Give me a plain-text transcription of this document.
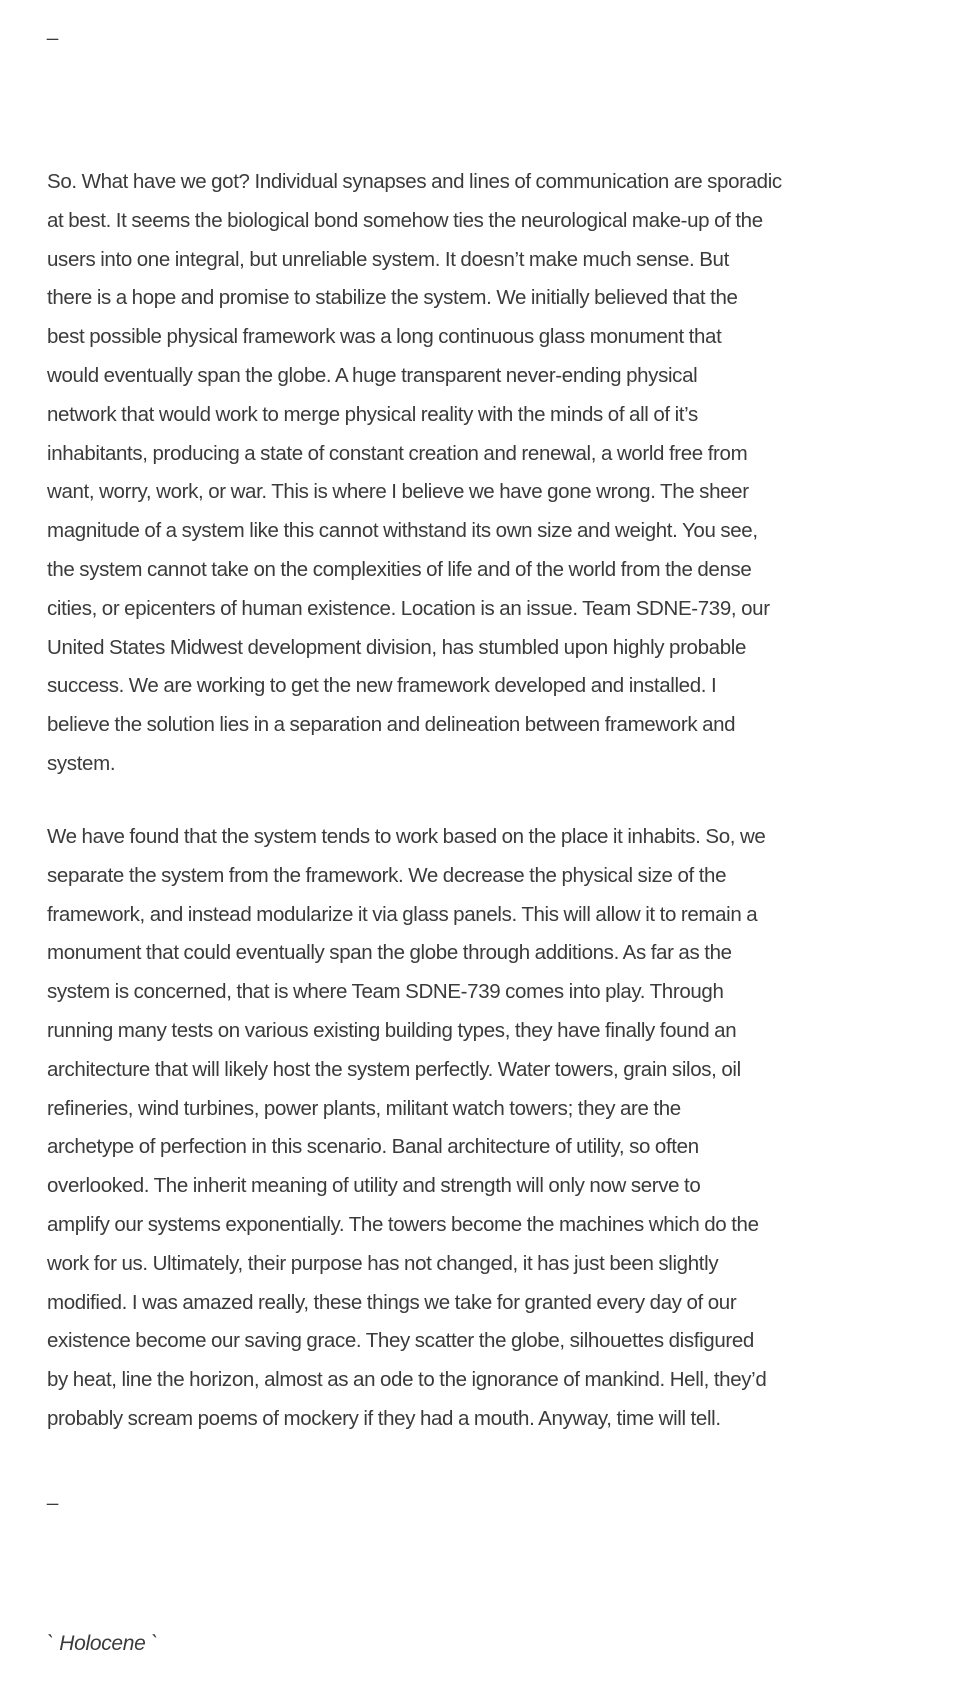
_
So. What have we got? Individual synapses and lines of communication are sporadic
at best. It seems the biological bond somehow ties the neurological make-up of the
users into one integral, but unreliable system. It doesn’t make much sense. But
there is a hope and promise to stabilize the system. We initially believed that the
best possible physical framework was a long continuous glass monument that
would eventually span the globe. A huge transparent never-ending physical
network that would work to merge physical reality with the minds of all of it’s
inhabitants, producing a state of constant creation and renewal, a world free from
want, worry, work, or war. This is where I believe we have gone wrong. The sheer
magnitude of a system like this cannot withstand its own size and weight. You see,
the system cannot take on the complexities of life and of the world from the dense
cities, or epicenters of human existence. Location is an issue. Team SDNE-739, our
United States Midwest development division, has stumbled upon highly probable
success. We are working to get the new framework developed and installed. I
believe the solution lies in a separation and delineation between framework and
system.
We have found that the system tends to work based on the place it inhabits. So, we
separate the system from the framework. We decrease the physical size of the
framework, and instead modularize it via glass panels. This will allow it to remain a
monument that could eventually span the globe through additions. As far as the
system is concerned, that is where Team SDNE-739 comes into play. Through
running many tests on various existing building types, they have finally found an
architecture that will likely host the system perfectly. Water towers, grain silos, oil
refineries, wind turbines, power plants, militant watch towers; they are the
archetype of perfection in this scenario. Banal architecture of utility, so often
overlooked. The inherit meaning of utility and strength will only now serve to
amplify our systems exponentially. The towers become the machines which do the
work for us. Ultimately, their purpose has not changed, it has just been slightly
modified. I was amazed really, these things we take for granted every day of our
existence become our saving grace. They scatter the globe, silhouettes disfigured
by heat, line the horizon, almost as an ode to the ignorance of mankind. Hell, they’d
probably scream poems of mockery if they had a mouth. Anyway, time will tell.
_
` Holocene `
